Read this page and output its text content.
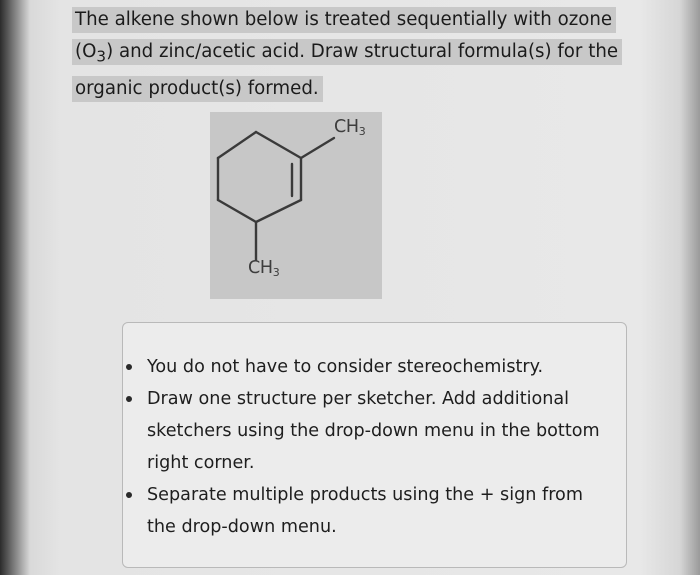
The alkene shown below is treated sequentially with ozone
$(O_3)$ and zinc/acetic acid. Draw structural formula(s) for the
organic product(s) formed.
$CH_3$
$CH_3$
You do not have to consider stereochemistry.
Draw one structure per sketcher. Add additional sketchers using the drop-down menu in the bottom right corner.
Separate multiple products using the + sign from the drop-down menu.
